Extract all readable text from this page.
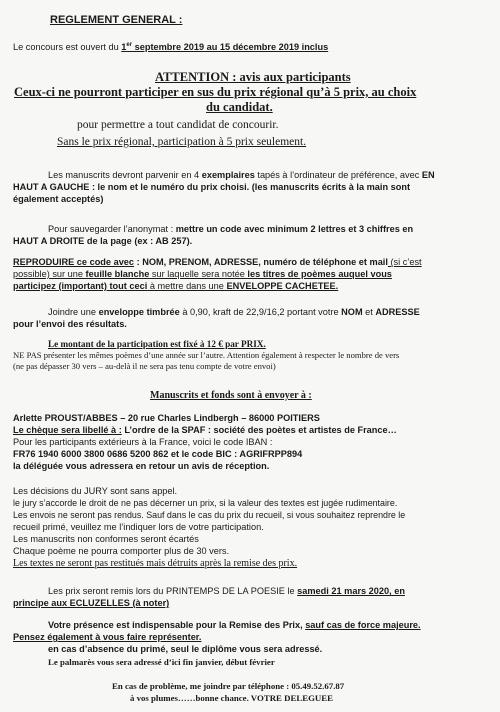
REGLEMENT GENERAL :
Le concours est ouvert du 1er septembre 2019 au 15 décembre 2019 inclus
ATTENTION : avis aux participants
Ceux-ci ne pourront participer en sus du prix régional qu’à 5 prix, au choix
du candidat.
pour permettre a tout candidat de concourir.
Sans le prix régional, participation à 5 prix seulement.
Les manuscrits devront parvenir en 4 exemplaires tapés à l’ordinateur de préférence, avec EN
HAUT A GAUCHE : le nom et le numéro du prix choisi. (les manuscrits écrits à la main sont
également acceptés)
Pour sauvegarder l’anonymat : mettre un code avec minimum 2 lettres et 3 chiffres en
HAUT A DROITE de la page (ex : AB 257).
REPRODUIRE ce code avec : NOM, PRENOM, ADRESSE, numéro de téléphone et mail (si c’est
possible) sur une feuille blanche sur laquelle sera notée les titres de poèmes auquel vous
participez (important) tout ceci à mettre dans une ENVELOPPE CACHETEE.
Joindre une enveloppe timbrée à 0,90, kraft de 22,9/16,2 portant votre NOM et ADRESSE
pour l’envoi des résultats.
Le montant de la participation est fixé à 12 € par PRIX.
NE PAS présenter les mêmes poèmes d’une année sur l’autre. Attention également à respecter le nombre de vers
(ne pas dépasser 30 vers – au-delà il ne sera pas tenu compte de votre envoi)
Manuscrits et fonds sont à envoyer à :
Arlette PROUST/ABBES – 20 rue Charles Lindbergh – 86000 POITIERS
Le chèque sera libellé à : L’ordre de la SPAF : société des poètes et artistes de France…
Pour les participants extérieurs à la France, voici le code IBAN :
FR76 1940 6000 3800 0686 5200 862 et le code BIC : AGRIFRPP894
la déléguée vous adressera en retour un avis de réception.
Les décisions du JURY sont sans appel.
le jury s’accorde le droit de ne pas décerner un prix, si la valeur des textes est jugée rudimentaire.
Les envois ne seront pas rendus. Sauf dans le cas du prix du recueil, si vous souhaitez reprendre le
recueil primé, veuillez me l’indiquer lors de votre participation.
Les manuscrits non conformes seront écartés
Chaque poème ne pourra comporter plus de 30 vers.
Les textes ne seront pas restitués mais détruits après la remise des prix.
Les prix seront remis lors du PRINTEMPS DE LA POESIE le samedi 21 mars 2020, en
principe aux ECLUZELLES (à noter)
Votre présence est indispensable pour la Remise des Prix, sauf cas de force majeure.
Pensez également à vous faire représenter.
en cas d’absence du primé, seul le diplôme vous sera adressé.
Le palmarès vous sera adressé d’ici fin janvier, début février
En cas de problème, me joindre par téléphone : 05.49.52.67.87
à vos plumes……bonne chance. VOTRE DELEGUEE
